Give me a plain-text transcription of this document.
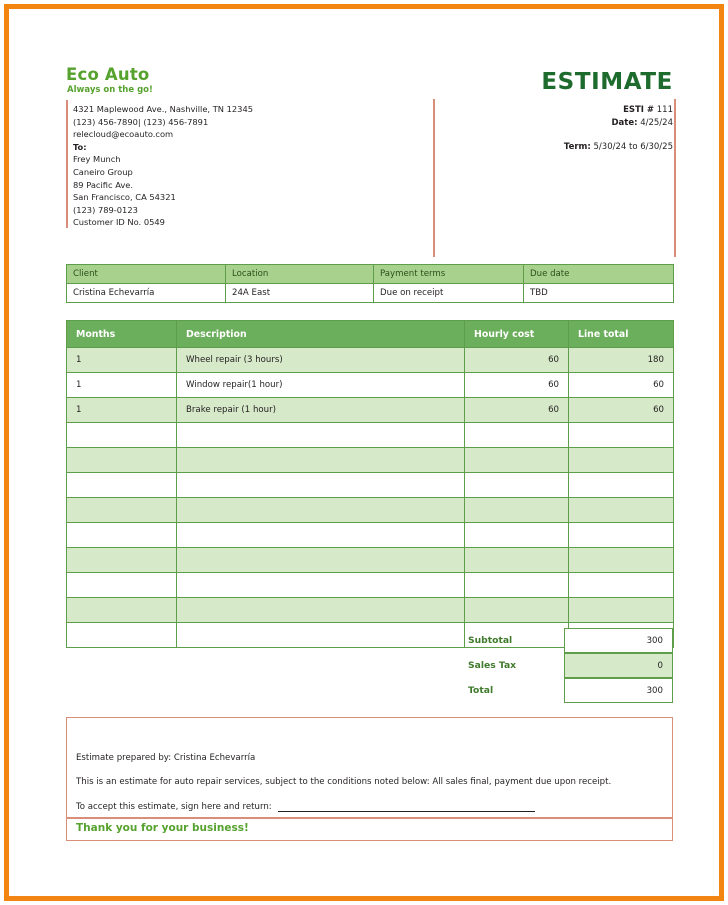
Eco Auto
Always on the go!
4321 Maplewood Ave., Nashville, TN 12345
(123) 456-7890| (123) 456-7891
relecloud@ecoauto.com
To:
Frey Munch
Caneiro Group
89 Pacific Ave.
San Francisco, CA 54321
(123) 789-0123
Customer ID No. 0549
ESTIMATE
ESTI # 111
Date: 4/25/24
Term: 5/30/24 to 6/30/25
Client	Location	Payment terms	Due date
Cristina Echevarría	24A East	Due on receipt	TBD
Months	Description	Hourly cost	Line total
1	Wheel repair (3 hours)	60	180
1	Window repair(1 hour)	60	60
1	Brake repair (1 hour)	60	60

Subtotal	300
Sales Tax	0
Total	300
Estimate prepared by: Cristina Echevarría
This is an estimate for auto repair services, subject to the conditions noted below: All sales final, payment due upon receipt.
To accept this estimate, sign here and return:
Thank you for your business!
